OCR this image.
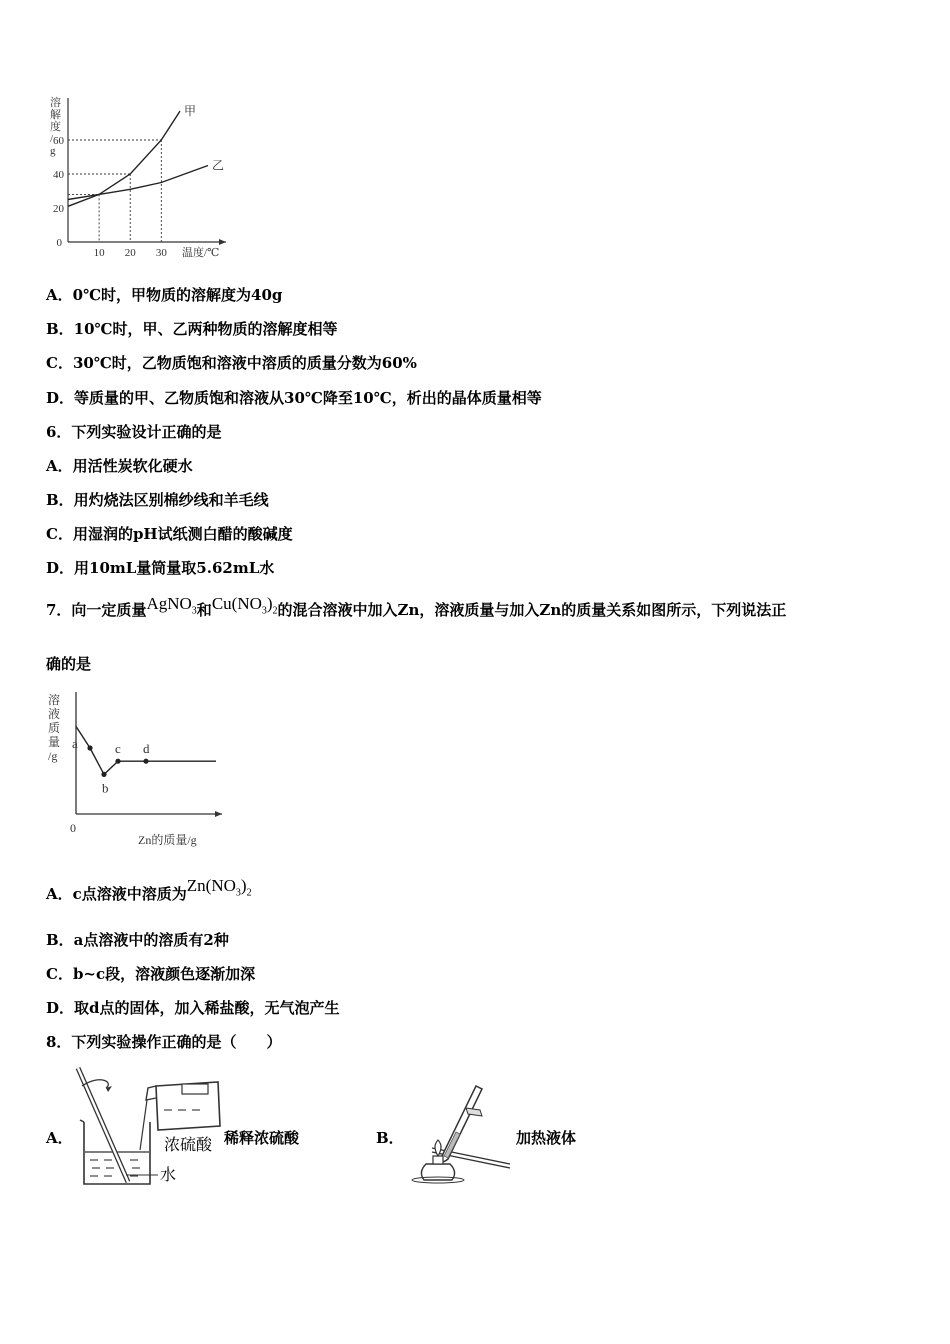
溶
解
度
/
g
20
40
60
0
10 20 30 温度/℃
甲
乙
A．0℃时，甲物质的溶解度为40g
B．10℃时，甲、乙两种物质的溶解度相等
C．30℃时，乙物质饱和溶液中溶质的质量分数为60%
D．等质量的甲、乙物质饱和溶液从30℃降至10℃，析出的晶体质量相等
6．下列实验设计正确的是
A．用活性炭软化硬水
B．用灼烧法区别棉纱线和羊毛线
C．用湿润的pH试纸测白醋的酸碱度
D．用10mL量筒量取5.62mL水
7．向一定质量AgNO$_3$和$Cu(NO_3)_2$的混合溶液中加入Zn，溶液质量与加入Zn的质量关系如图所示，下列说法正
确的是
溶
液
质
量
/g
0
Zn的质量/g
a
b
c d
A．c点溶液中溶质为$Zn(NO_3)_2$
B．a点溶液中的溶质有2种
C．b~c段，溶液颜色逐渐加深
D．取d点的固体，加入稀盐酸，无气泡产生
8．下列实验操作正确的是（　　）
A．	浓硫酸
水
稀释浓硫酸	B．	加热液体
